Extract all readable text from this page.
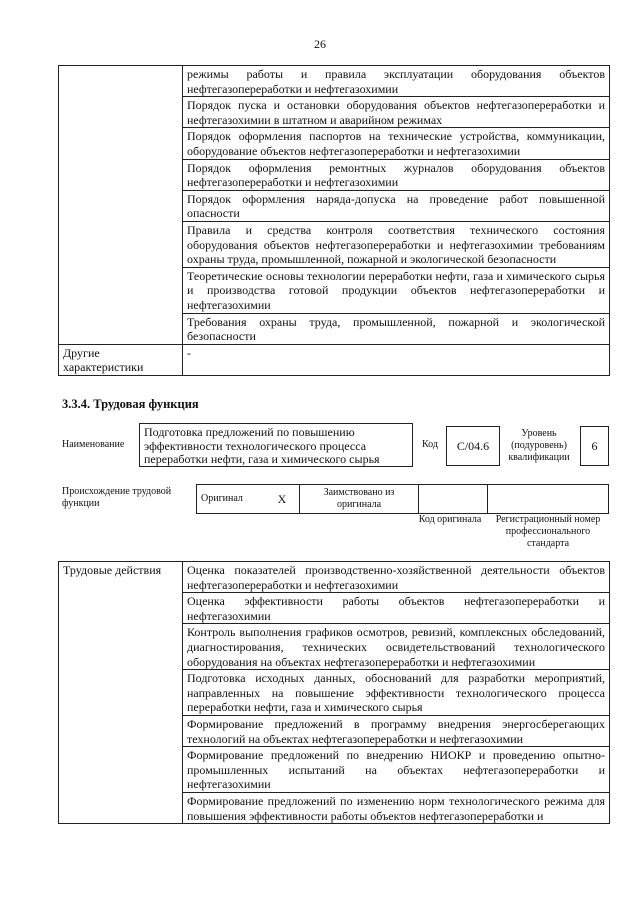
26
	режимы работы и правила эксплуатации оборудования объектов нефтегазопереработки и нефтегазохимии
	Порядок пуска и остановки оборудования объектов нефтегазопереработки и нефтегазохимии в штатном и аварийном режимах
	Порядок оформления паспортов на технические устройства, коммуникации, оборудование объектов нефтегазопереработки и нефтегазохимии
	Порядок оформления ремонтных журналов оборудования объектов нефтегазопереработки и нефтегазохимии
	Порядок оформления наряда-допуска на проведение работ повышенной опасности
	Правила и средства контроля соответствия технического состояния оборудования объектов нефтегазопереработки и нефтегазохимии требованиям охраны труда, промышленной, пожарной и экологической безопасности
	Теоретические основы технологии переработки нефти, газа и химического сырья и производства готовой продукции объектов нефтегазопереработки и нефтегазохимии
	Требования охраны труда, промышленной, пожарной и экологической безопасности
Другие характеристики	-
3.3.4. Трудовая функция
Наименование
Подготовка предложений по повышению
эффективности технологического процесса
переработки нефти, газа и химического сырья
Код	C/04.6
Уровень
(подуровень)
квалификации
6
Происхождение трудовой функции	Оригинал	X	Заимствовано из оригинала		
Код оригинала	Регистрационный номер профессионального стандарта
Трудовые действия	Оценка показателей производственно-хозяйственной деятельности объектов нефтегазопереработки и нефтегазохимии
Оценка эффективности работы объектов нефтегазопереработки и нефтегазохимии
Контроль выполнения графиков осмотров, ревизий, комплексных обследований, диагностирования, технических освидетельствований технологического оборудования на объектах нефтегазопереработки и нефтегазохимии
Подготовка исходных данных, обоснований для разработки мероприятий, направленных на повышение эффективности технологического процесса переработки нефти, газа и химического сырья
Формирование предложений в программу внедрения энергосберегающих технологий на объектах нефтегазопереработки и нефтегазохимии
Формирование предложений по внедрению НИОКР и проведению опытно-промышленных испытаний на объектах нефтегазопереработки и нефтегазохимии
Формирование предложений по изменению норм технологического режима для повышения эффективности работы объектов нефтегазопереработки и
